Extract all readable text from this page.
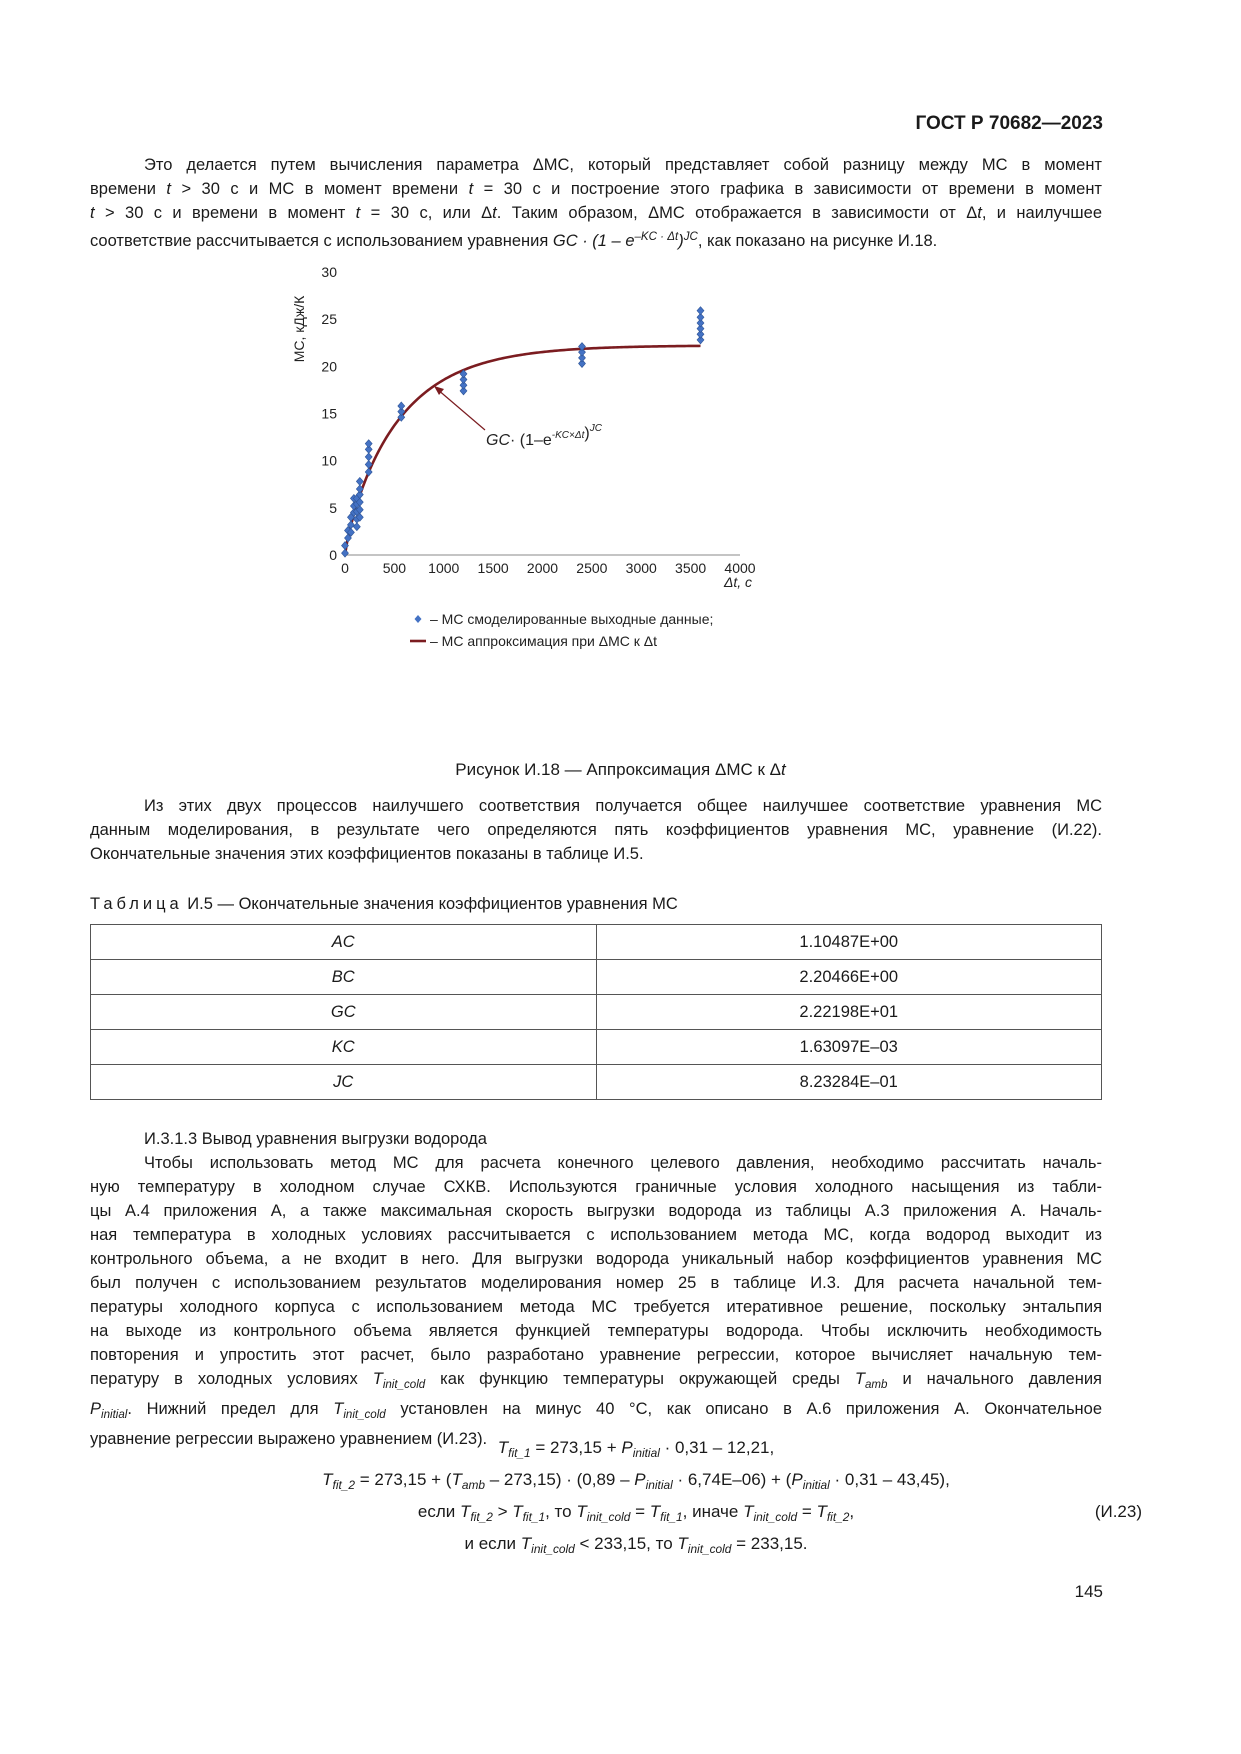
ГОСТ Р 70682—2023
Это делается путем вычисления параметра ΔМС, который представляет собой разницу между МС в момент
времени t > 30 с и МС в момент времени t = 30 с и построение этого графика в зависимости от времени в момент
t > 30 с и времени в момент t = 30 с, или Δt. Таким образом, ΔМС отображается в зависимости от Δt, и наилучшее
соответствие рассчитывается с использованием уравнения GC · $(1 - e^{-KC \cdot \Delta t})^{JC}$, как показано на рисунке И.18.
0 500 1000 1500 2000 2500 3000 3500 4000
0
5
10
15
20
25
30
Δt, с
МС, кДж/К
$GC\cdot (1-e^{-KC\times\Delta t})^{JC}$
– МС смоделированные выходные данные;
– МС аппроксимация при ΔМС к Δt
Рисунок И.18 — Аппроксимация ΔМС к Δt
Из этих двух процессов наилучшего соответствия получается общее наилучшее соответствие уравнения МС
данным моделирования, в результате чего определяются пять коэффициентов уравнения МС, уравнение (И.22).
Окончательные значения этих коэффициентов показаны в таблице И.5.
Таблица И.5 — Окончательные значения коэффициентов уравнения МС
AC	1.10487E+00
BC	2.20466E+00
GC	2.22198E+01
KC	1.63097E–03
JC	8.23284E–01
И.3.1.3 Вывод уравнения выгрузки водорода
Чтобы использовать метод МС для расчета конечного целевого давления, необходимо рассчитать началь-
ную температуру в холодном случае СХКВ. Используются граничные условия холодного насыщения из табли-
цы А.4 приложения А, а также максимальная скорость выгрузки водорода из таблицы А.3 приложения А. Началь-
ная температура в холодных условиях рассчитывается с использованием метода МС, когда водород выходит из
контрольного объема, а не входит в него. Для выгрузки водорода уникальный набор коэффициентов уравнения МС
был получен с использованием результатов моделирования номер 25 в таблице И.3. Для расчета начальной тем-
пературы холодного корпуса с использованием метода МС требуется итеративное решение, поскольку энтальпия
на выходе из контрольного объема является функцией температуры водорода. Чтобы исключить необходимость
повторения и упростить этот расчет, было разработано уравнение регрессии, которое вычисляет начальную тем-
пературу в холодных условиях $T_{init\_cold}$ как функцию температуры окружающей среды $T_{amb}$ и начального давления
$P_{initial}$. Нижний предел для $T_{init\_cold}$ установлен на минус 40 °С, как описано в А.6 приложения А. Окончательное
уравнение регрессии выражено уравнением (И.23). $T_{fit\_1} = 273,15 + P_{initial} \cdot 0,31 - 12,21$,
$T_{fit\_2} = 273,15 + (T_{amb} - 273,15) \cdot (0,89 - P_{initial} \cdot 6,74E-06) + (P_{initial} \cdot 0,31 - 43,45)$,
если $T_{fit\_2} > T_{fit\_1}$, то $T_{init\_cold} = T_{fit\_1}$, иначе $T_{init\_cold} = T_{fit\_2}$,	(И.23)
и если $T_{init\_cold} < 233,15$, то $T_{init\_cold} = 233,15$.
145
